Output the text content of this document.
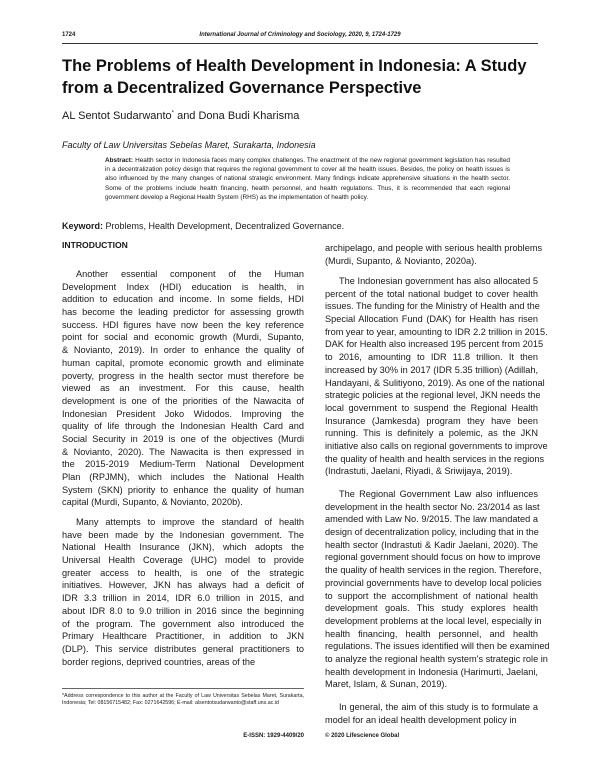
1724	International Journal of Criminology and Sociology, 2020, 9, 1724-1729
The Problems of Health Development in Indonesia: A Study from a Decentralized Governance Perspective
AL Sentot Sudarwanto* and Dona Budi Kharisma
Faculty of Law Universitas Sebelas Maret, Surakarta, Indonesia
Abstract: Health sector in Indonesia faces many complex challenges. The enactment of the new regional government legislation has resulted in a decentralization policy design that requires the regional government to cover all the health issues. Besides, the policy on health issues is also influenced by the many changes of national strategic environment. Many findings indicate apprehensive situations in the health sector. Some of the problems include health financing, health personnel, and health regulations. Thus, it is recommended that each regional government develop a Regional Health System (RHS) as the implementation of health policy.
Keyword: Problems, Health Development, Decentralized Governance.
INTRODUCTION
Another essential component of the Human
Development Index (HDI) education is health, in
addition to education and income. In some fields, HDI
has become the leading predictor for assessing growth
success. HDI figures have now been the key reference
point for social and economic growth (Murdi, Supanto,
& Novianto, 2019). In order to enhance the quality of
human capital, promote economic growth and eliminate
poverty, progress in the health sector must therefore be
viewed as an investment. For this cause, health
development is one of the priorities of the Nawacita of
Indonesian President Joko Widodos. Improving the
quality of life through the Indonesian Health Card and
Social Security in 2019 is one of the objectives (Murdi
& Novianto, 2020). The Nawacita is then expressed in
the 2015-2019 Medium-Term National Development
Plan (RPJMN), which includes the National Health
System (SKN) priority to enhance the quality of human
capital (Murdi, Supanto, & Novianto, 2020b).
Many attempts to improve the standard of health
have been made by the Indonesian government. The
National Health Insurance (JKN), which adopts the
Universal Health Coverage (UHC) model to provide
greater access to health, is one of the strategic
initiatives. However, JKN has always had a deficit of
IDR 3.3 trillion in 2014, IDR 6.0 trillion in 2015, and
about IDR 8.0 to 9.0 trillion in 2016 since the beginning
of the program. The government also introduced the
Primary Healthcare Practitioner, in addition to JKN
(DLP). This service distributes general practitioners to
border regions, deprived countries, areas of the
archipelago, and people with serious health problems
(Murdi, Supanto, & Novianto, 2020a).
The Indonesian government has also allocated 5
percent of the total national budget to cover health
issues. The funding for the Ministry of Health and the
Special Allocation Fund (DAK) for Health has risen
from year to year, amounting to IDR 2.2 trillion in 2015.
DAK for Health also increased 195 percent from 2015
to 2016, amounting to IDR 11.8 trillion. It then
increased by 30% in 2017 (IDR 5.35 trillion) (Adillah,
Handayani, & Sulitiyono, 2019). As one of the national
strategic policies at the regional level, JKN needs the
local government to suspend the Regional Health
Insurance (Jamkesda) program they have been
running. This is definitely a polemic, as the JKN
initiative also calls on regional governments to improve
the quality of health and health services in the regions
(Indrastuti, Jaelani, Riyadi, & Sriwijaya, 2019).
The Regional Government Law also influences
development in the health sector No. 23/2014 as last
amended with Law No. 9/2015. The law mandated a
design of decentralization policy, including that in the
health sector (Indrastuti & Kadir Jaelani, 2020). The
regional government should focus on how to improve
the quality of health services in the region. Therefore,
provincial governments have to develop local policies
to support the accomplishment of national health
development goals. This study explores health
development problems at the local level, especially in
health financing, health personnel, and health
regulations. The issues identified will then be examined
to analyze the regional health system's strategic role in
health development in Indonesia (Harimurti, Jaelani,
Maret, Islam, & Sunan, 2019).
In general, the aim of this study is to formulate a
model for an ideal health development policy in
*Address correspondence to this author at the Faculty of Law Universitas Sebelas Maret, Surakarta, Indonesia; Tel: 08156715482; Fax: 0271642596; E-mail: alsentotsudarwanto@staff.uns.ac.id
E-ISSN: 1929-4409/20	© 2020 Lifescience Global
